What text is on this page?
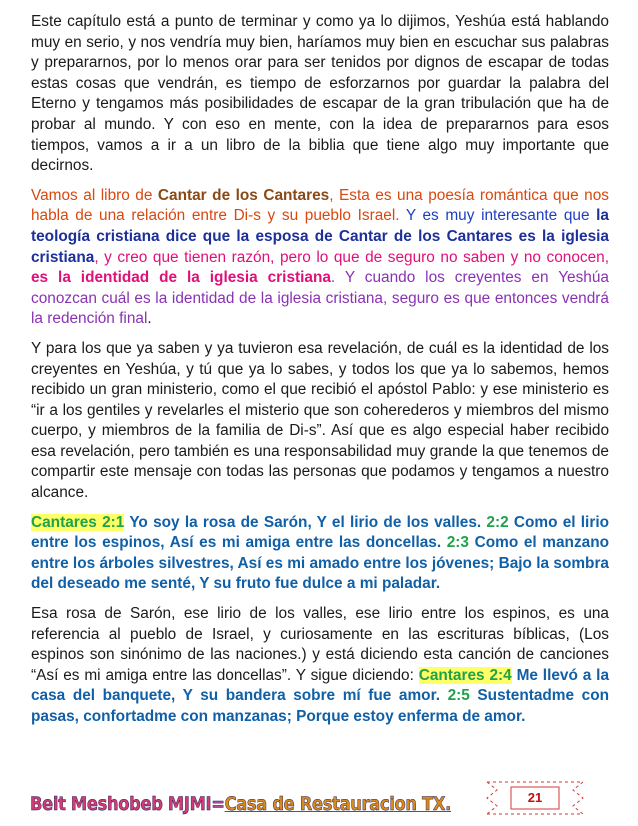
Este capítulo está a punto de terminar y como ya lo dijimos, Yeshúa está hablando muy en serio, y nos vendría muy bien, haríamos muy bien en escuchar sus palabras y prepararnos, por lo menos orar para ser tenidos por dignos de escapar de todas estas cosas que vendrán, es tiempo de esforzarnos por guardar la palabra del Eterno y tengamos más posibilidades de escapar de la gran tribulación que ha de probar al mundo. Y con eso en mente, con la idea de prepararnos para esos tiempos, vamos a ir a un libro de la biblia que tiene algo muy importante que decirnos.

Vamos al libro de Cantar de los Cantares, Esta es una poesía romántica que nos habla de una relación entre Di-s y su pueblo Israel. Y es muy interesante que la teología cristiana dice que la esposa de Cantar de los Cantares es la iglesia cristiana, y creo que tienen razón, pero lo que de seguro no saben y no conocen, es la identidad de la iglesia cristiana. Y cuando los creyentes en Yeshúa conozcan cuál es la identidad de la iglesia cristiana, seguro es que entonces vendrá la redención final.

Y para los que ya saben y ya tuvieron esa revelación, de cuál es la identidad de los creyentes en Yeshúa, y tú que ya lo sabes, y todos los que ya lo sabemos, hemos recibido un gran ministerio, como el que recibió el apóstol Pablo: y ese ministerio es “ir a los gentiles y revelarles el misterio que son coherederos y miembros del mismo cuerpo, y miembros de la familia de Di-s”. Así que es algo especial haber recibido esa revelación, pero también es una responsabilidad muy grande la que tenemos de compartir este mensaje con todas las personas que podamos y tengamos a nuestro alcance.

Cantares 2:1 Yo soy la rosa de Sarón, Y el lirio de los valles. 2:2 Como el lirio entre los espinos, Así es mi amiga entre las doncellas. 2:3 Como el manzano entre los árboles silvestres, Así es mi amado entre los jóvenes; Bajo la sombra del deseado me senté, Y su fruto fue dulce a mi paladar.

Esa rosa de Sarón, ese lirio de los valles, ese lirio entre los espinos, es una referencia al pueblo de Israel, y curiosamente en las escrituras bíblicas, (Los espinos son sinónimo de las naciones.) y está diciendo esta canción de canciones “Así es mi amiga entre las doncellas”. Y sigue diciendo: Cantares 2:4 Me llevó a la casa del banquete, Y su bandera sobre mí fue amor. 2:5 Sustentadme con pasas, confortadme con manzanas; Porque estoy enferma de amor.

Beit Meshobeb MJMI=Casa de Restauracion TX.	21
